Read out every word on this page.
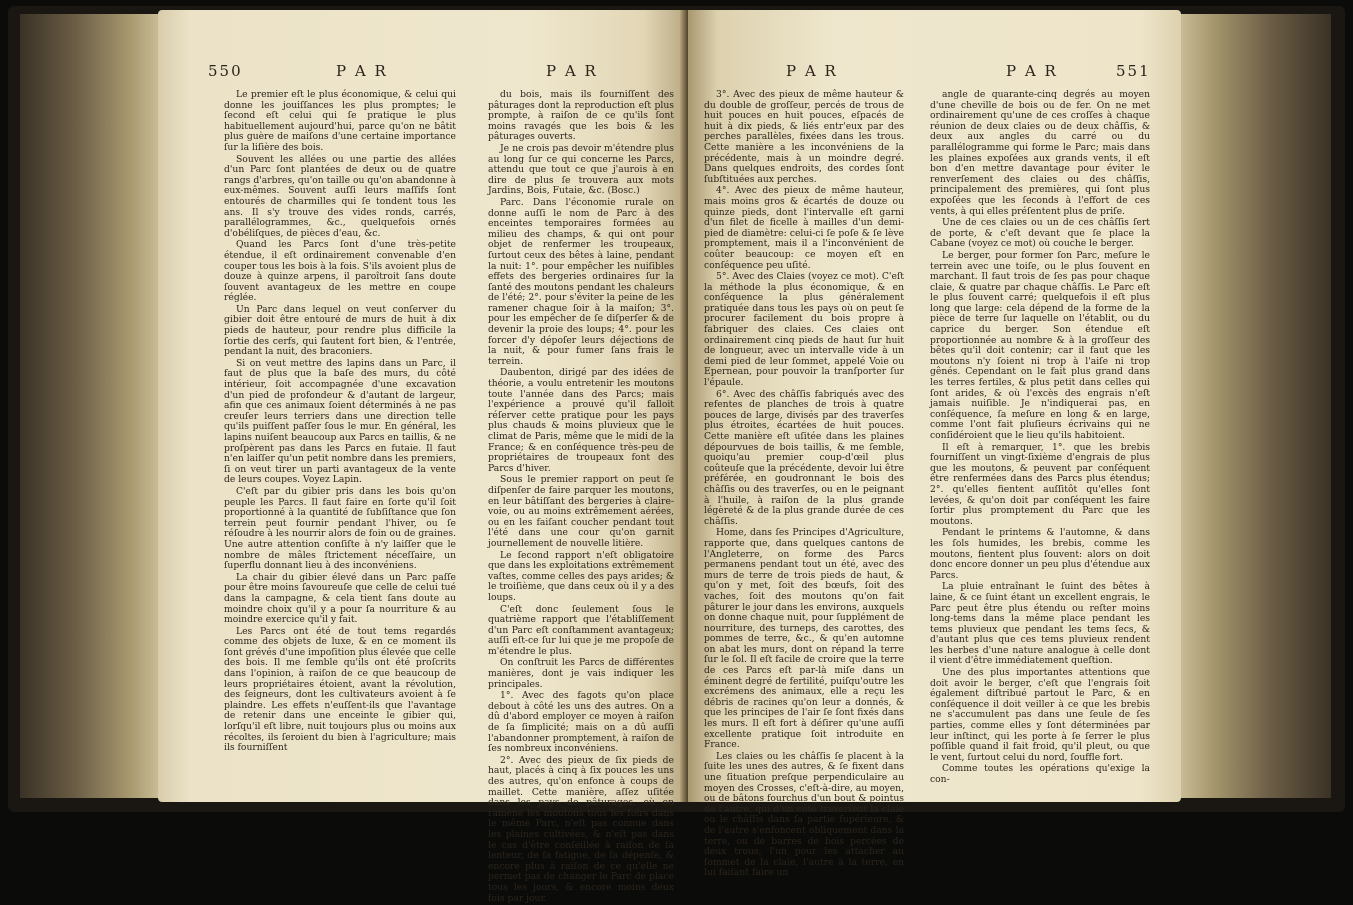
550	P A R	P A R

Le premier eſt le plus économique, & celui qui donne les jouiſſances les plus promptes; le ſecond eſt celui qui ſe pratique le plus habituellement aujourd'hui, parce qu'on ne bâtit plus guère de maiſons d'une certaine importance ſur la liſière des bois.

Souvent les allées ou une partie des allées d'un Parc ſont plantées de deux ou de quatre rangs d'arbres, qu'on taille ou qu'on abandonne à eux-mêmes. Souvent auſſi leurs maſſifs ſont entourés de charmilles qui ſe tondent tous les ans. Il s'y trouve des vides ronds, carrés, parallélogrammes, &c., quelquefois ornés d'obéliſques, de pièces d'eau, &c.

Quand les Parcs ſont d'une très-petite étendue, il eſt ordinairement convenable d'en couper tous les bois à la fois. S'ils avoient plus de douze à quinze arpens, il paroîtroit ſans doute ſouvent avantageux de les mettre en coupe réglée.

Un Parc dans lequel on veut conſerver du gibier doit être entouré de murs de huit à dix pieds de hauteur, pour rendre plus difficile la ſortie des cerfs, qui ſautent fort bien, & l'entrée, pendant la nuit, des braconiers.

Si on veut mettre des lapins dans un Parc, il faut de plus que la baſe des murs, du côté intérieur, ſoit accompagnée d'une excavation d'un pied de profondeur & d'autant de largeur, afin que ces animaux ſoient déterminés à ne pas creuſer leurs terriers dans une direction telle qu'ils puiſſent paſſer ſous le mur. En général, les lapins nuiſent beaucoup aux Parcs en taillis, & ne proſpèrent pas dans les Parcs en futaie. Il faut n'en laiſſer qu'un petit nombre dans les premiers, ſi on veut tirer un parti avantageux de la vente de leurs coupes. Voyez Lapin.

C'eſt par du gibier pris dans les bois qu'on peuple les Parcs. Il faut faire en ſorte qu'il ſoit proportionné à la quantité de ſubſiſtance que ſon terrein peut fournir pendant l'hiver, ou ſe réſoudre à les nourrir alors de foin ou de graines. Une autre attention conſiſte à n'y laiſſer que le nombre de mâles ſtrictement néceſſaire, un ſuperflu donnant lieu à des inconvéniens.

La chair du gibier élevé dans un Parc paſſe pour être moins ſavoureuſe que celle de celui tué dans la campagne, & cela tient ſans doute au moindre choix qu'il y a pour ſa nourriture & au moindre exercice qu'il y fait.

Les Parcs ont été de tout tems regardés comme des objets de luxe, & en ce moment ils ſont grévés d'une impoſition plus élevée que celle des bois. Il me ſemble qu'ils ont été proſcrits dans l'opinion, à raiſon de ce que beaucoup de leurs propriétaires étoient, avant la révolution, des ſeigneurs, dont les cultivateurs avoient à ſe plaindre. Les effets n'euſſent-ils que l'avantage de retenir dans une enceinte le gibier qui, lorſqu'il eſt libre, nuit toujours plus ou moins aux récoltes, ils ſeroient du bien à l'agriculture; mais ils fourniſſent

du bois, mais ils fourniſſent des pâturages dont la reproduction eſt plus prompte, à raiſon de ce qu'ils ſont moins ravagés que les bois & les pâturages ouverts.

Je ne crois pas devoir m'étendre plus au long ſur ce qui concerne les Parcs, attendu que tout ce que j'aurois à en dire de plus ſe trouvera aux mots Jardins, Bois, Futaie, &c. (Bosc.)

Parc. Dans l'économie rurale on donne auſſi le nom de Parc à des enceintes temporaires formées au milieu des champs, & qui ont pour objet de renfermer les troupeaux, ſurtout ceux des bêtes à laine, pendant la nuit: 1°. pour empêcher les nuiſibles effets des bergeries ordinaires ſur la ſanté des moutons pendant les chaleurs de l'été; 2°. pour s'éviter la peine de les ramener chaque ſoir à la maiſon; 3°. pour les empêcher de ſe diſperſer & de devenir la proie des loups; 4°. pour les forcer d'y dépoſer leurs déjections de la nuit, & pour fumer ſans frais le terrein.

Daubenton, dirigé par des idées de théorie, a voulu entretenir les moutons toute l'année dans des Parcs; mais l'expérience a prouvé qu'il falloit réſerver cette pratique pour les pays plus chauds & moins pluvieux que le climat de Paris, même que le midi de la France; & en conſéquence très-peu de propriétaires de troupeaux font des Parcs d'hiver.

Sous le premier rapport on peut ſe diſpenſer de faire parquer les moutons, en leur bâtiſſant des bergeries à claire-voie, ou au moins extrêmement aérées, ou en les faiſant coucher pendant tout l'été dans une cour qu'on garnit journellement de nouvelle litière.

Le ſecond rapport n'eſt obligatoire que dans les exploitations extrêmement vaſtes, comme celles des pays arides; & le troiſième, que dans ceux où il y a des loups.

C'eſt donc ſeulement ſous le quatrième rapport que l'établiſſement d'un Parc eſt conſtamment avantageux; auſſi eſt-ce ſur lui que je me propoſe de m'étendre le plus.

On conſtruit les Parcs de différentes manières, dont je vais indiquer les principales.

1°. Avec des fagots qu'on place debout à côté les uns des autres. On a dû d'abord employer ce moyen à raiſon de ſa ſimplicité; mais on a dû auſſi l'abandonner promptement, à raiſon de ſes nombreux inconvéniens.

2°. Avec des pieux de ſix pieds de haut, placés à cinq à ſix pouces les uns des autres, qu'on enfonce à coups de maillet. Cette manière, aſſez uſitée dans les pays de pâturages, où on ramène les moutons tous les ſoirs dans le même Parc, n'eſt pas connue dans les plaines cultivées, & n'eſt pas dans le cas d'être conſeillée à raiſon de ſa lenteur, de ſa fatigue, de ſa dépenſe, & encore plus à raiſon de ce qu'elle ne permet pas de changer le Parc de place tous les jours, & encore moins deux fois par jour.

P A R	P A R	551

3°. Avec des pieux de même hauteur & du double de groſſeur, percés de trous de huit pouces en huit pouces, eſpacés de huit à dix pieds, & liés entr'eux par des perches parallèles, fixées dans les trous. Cette manière a les inconvéniens de la précédente, mais à un moindre degré. Dans quelques endroits, des cordes ſont ſubſtituées aux perches.

4°. Avec des pieux de même hauteur, mais moins gros & écartés de douze ou quinze pieds, dont l'intervalle eſt garni d'un filet de ficelle à mailles d'un demi-pied de diamètre: celui-ci ſe poſe & ſe lève promptement, mais il a l'inconvénient de coûter beaucoup: ce moyen eſt en conſéquence peu uſité.

5°. Avec des Claies (voyez ce mot). C'eſt la méthode la plus économique, & en conſéquence la plus généralement pratiquée dans tous les pays où on peut ſe procurer facilement du bois propre à fabriquer des claies. Ces claies ont ordinairement cinq pieds de haut ſur huit de longueur, avec un intervalle vide à un demi pied de leur ſommet, appelé Voie ou Epernean, pour pouvoir la tranſporter ſur l'épaule.

6°. Avec des châſſis fabriqués avec des refentes de planches de trois à quatre pouces de large, divisés par des traverſes plus étroites, écartées de huit pouces. Cette manière eſt uſitée dans les plaines dépourvues de bois taillis, & me ſemble, quoiqu'au premier coup-d'œil plus coûteuſe que la précédente, devoir lui être préférée, en goudronnant le bois des châſſis ou des traverſes, ou en le peignant à l'huile, à raiſon de la plus grande légèreté & de la plus grande durée de ces châſſis.

Home, dans ſes Principes d'Agriculture, rapporte que, dans quelques cantons de l'Angleterre, on forme des Parcs permanens pendant tout un été, avec des murs de terre de trois pieds de haut, & qu'on y met, ſoit des bœufs, ſoit des vaches, ſoit des moutons qu'on fait pâturer le jour dans les environs, auxquels on donne chaque nuit, pour ſupplément de nourriture, des turneps, des carottes, des pommes de terre, &c., & qu'en automne on abat les murs, dont on répand la terre ſur le ſol. Il eſt facile de croire que la terre de ces Parcs eſt par-là miſe dans un éminent degré de fertilité, puiſqu'outre les excrémens des animaux, elle a reçu les débris de racines qu'on leur a donnés, & que les principes de l'air ſe ſont fixés dans les murs. Il eſt fort à déſirer qu'une auſſi excellente pratique ſoit introduite en France.

Les claies ou les châſſis ſe placent à la ſuite les unes des autres, & ſe fixent dans une ſituation preſque perpendiculaire au moyen des Crosses, c'eſt-à-dire, au moyen, ou de bâtons fourchus d'un bout & pointus de l'autre, qui d'un côté traverſent la claie ou le châſſis dans ſa partie ſupérieure, & de l'autre s'enfoncent obliquement dans la terre, ou de barres de bois percées de deux trous, l'un pour les attacher au ſommet de la claie, l'autre à la terre, en lui faiſant faire un

angle de quarante-cinq degrés au moyen d'une cheville de bois ou de fer. On ne met ordinairement qu'une de ces croſſes à chaque réunion de deux claies ou de deux châſſis, & deux aux angles du carré ou du parallélogramme qui forme le Parc; mais dans les plaines expoſées aux grands vents, il eſt bon d'en mettre davantage pour éviter le renverſement des claies ou des châſſis, principalement des premières, qui ſont plus expoſées que les ſeconds à l'effort de ces vents, à qui elles préſentent plus de priſe.

Une de ces claies ou un de ces châſſis ſert de porte, & c'eſt devant que ſe place la Cabane (voyez ce mot) où couche le berger.

Le berger, pour former ſon Parc, meſure le terrein avec une toiſe, ou le plus ſouvent en marchant. Il faut trois de ſes pas pour chaque claie, & quatre par chaque châſſis. Le Parc eſt le plus ſouvent carré; quelquefois il eſt plus long que large: cela dépend de la forme de la pièce de terre ſur laquelle on l'établit, ou du caprice du berger. Son étendue eſt proportionnée au nombre & à la groſſeur des bêtes qu'il doit contenir; car il faut que les moutons n'y ſoient ni trop à l'aiſe ni trop gênés. Cependant on le fait plus grand dans les terres fertiles, & plus petit dans celles qui ſont arides, & où l'excès des engrais n'eſt jamais nuiſible. Je n'indiquerai pas, en conſéquence, ſa meſure en long & en large, comme l'ont fait pluſieurs écrivains qui ne conſidéroient que le lieu qu'ils habitoient.

Il eſt à remarquer, 1°. que les brebis fourniſſent un vingt-ſixième d'engrais de plus que les moutons, & peuvent par conſéquent être renfermées dans des Parcs plus étendus; 2°. qu'elles fientent auſſitôt qu'elles ſont levées, & qu'on doit par conſéquent les faire ſortir plus promptement du Parc que les moutons.

Pendant le printems & l'automne, & dans les ſols humides, les brebis, comme les moutons, fientent plus ſouvent: alors on doit donc encore donner un peu plus d'étendue aux Parcs.

La pluie entraînant le ſuint des bêtes à laine, & ce ſuint étant un excellent engrais, le Parc peut être plus étendu ou reſter moins long-tems dans la même place pendant les tems pluvieux que pendant les tems ſecs, & d'autant plus que ces tems pluvieux rendent les herbes d'une nature analogue à celle dont il vient d'être immédiatement queſtion.

Une des plus importantes attentions que doit avoir le berger, c'eſt que l'engrais ſoit également diſtribué partout le Parc, & en conſéquence il doit veiller à ce que les brebis ne s'accumulent pas dans une ſeule de ſes parties, comme elles y ſont déterminées par leur inſtinct, qui les porte à ſe ſerrer le plus poſſible quand il fait froid, qu'il pleut, ou que le vent, ſurtout celui du nord, ſouffle fort.

Comme toutes les opérations qu'exige la con-
